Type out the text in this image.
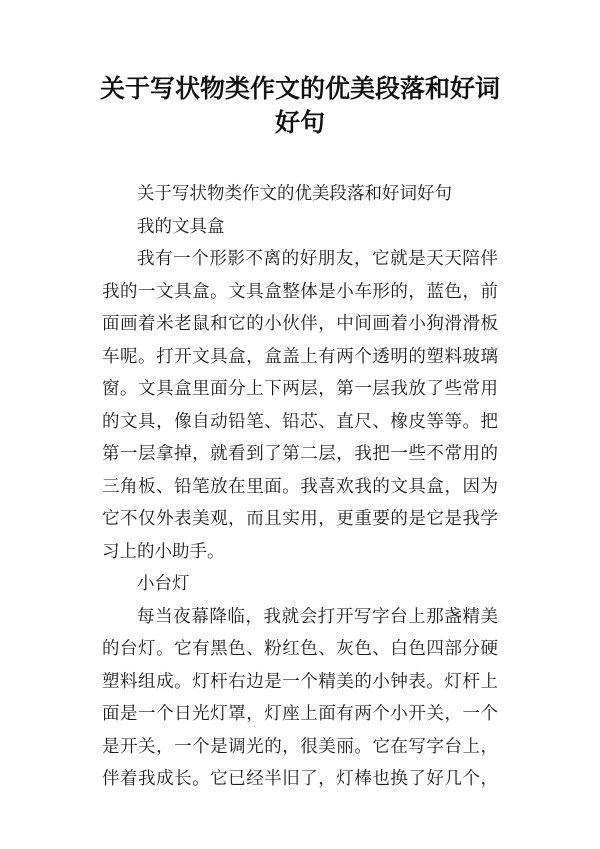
关于写状物类作文的优美段落和好词
好句
关于写状物类作文的优美段落和好词好句
我的文具盒
我有一个形影不离的好朋友，它就是天天陪伴
我的一文具盒。文具盒整体是小车形的，蓝色，前
面画着米老鼠和它的小伙伴，中间画着小狗滑滑板
车呢。打开文具盒，盒盖上有两个透明的塑料玻璃
窗。文具盒里面分上下两层，第一层我放了些常用
的文具，像自动铅笔、铅芯、直尺、橡皮等等。把
第一层拿掉，就看到了第二层，我把一些不常用的
三角板、铅笔放在里面。我喜欢我的文具盒，因为
它不仅外表美观，而且实用，更重要的是它是我学
习上的小助手。
小台灯
每当夜幕降临，我就会打开写字台上那盏精美
的台灯。它有黑色、粉红色、灰色、白色四部分硬
塑料组成。灯杆右边是一个精美的小钟表。灯杆上
面是一个日光灯罩，灯座上面有两个小开关，一个
是开关，一个是调光的，很美丽。它在写字台上，
伴着我成长。它已经半旧了，灯棒也换了好几个，
